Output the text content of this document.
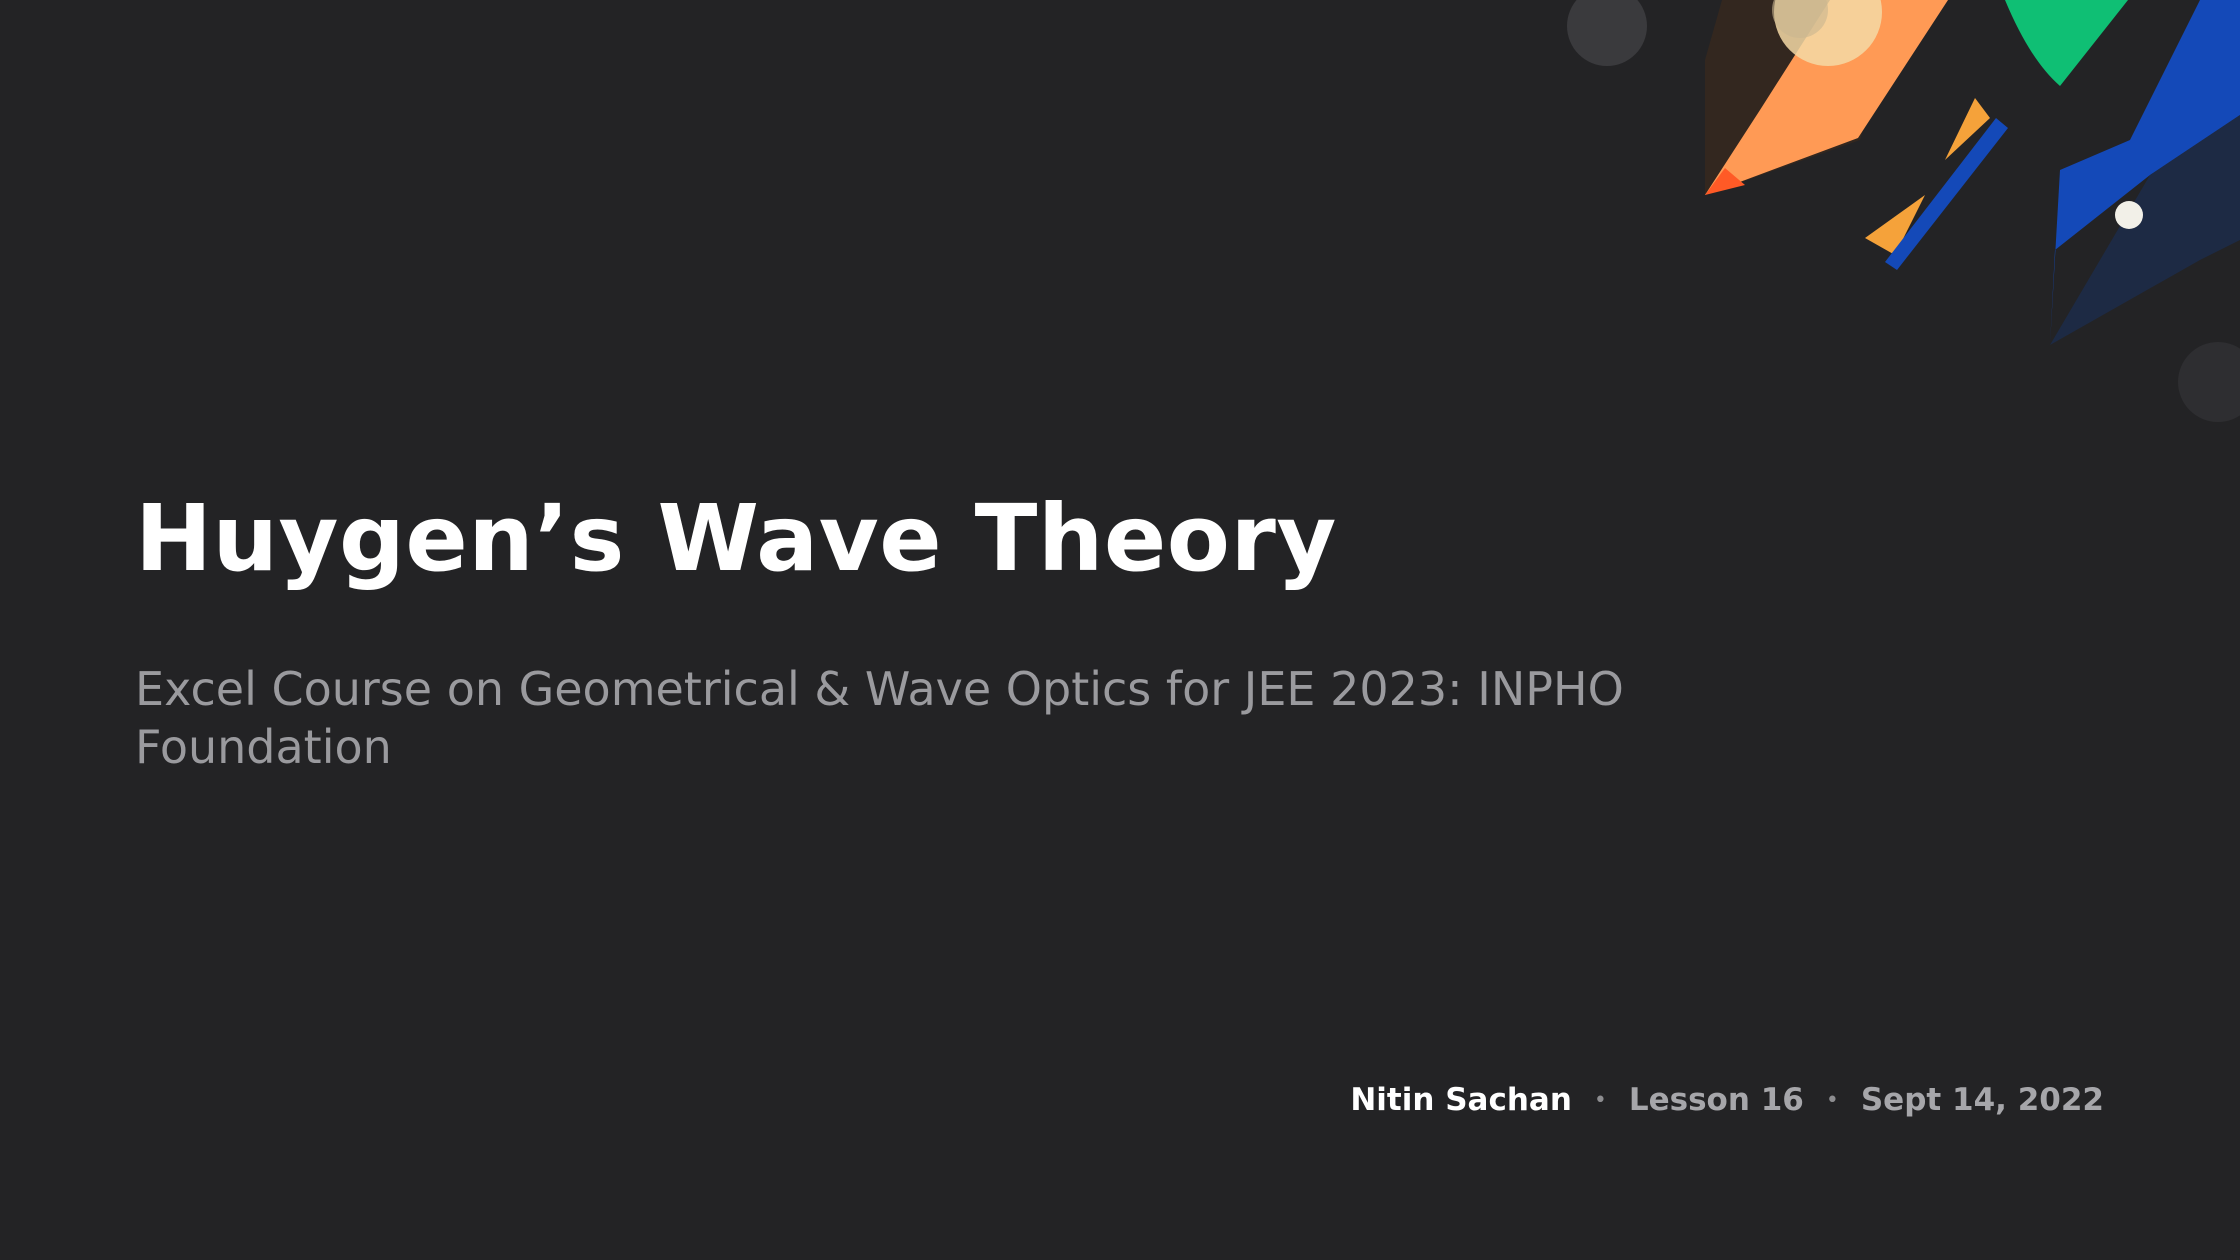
Huygen’s Wave Theory

Excel Course on Geometrical & Wave Optics for JEE 2023: INPHO Foundation

Nitin Sachan • Lesson 16 • Sept 14, 2022
